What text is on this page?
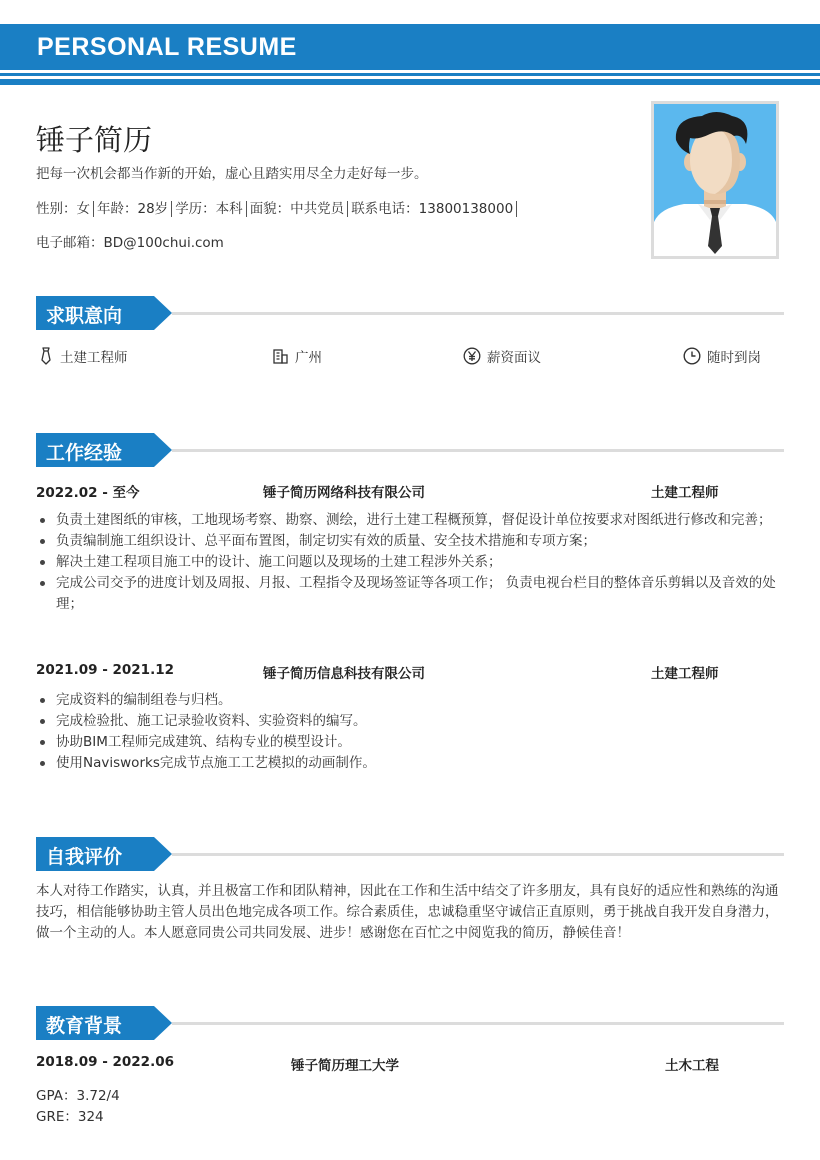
PERSONAL RESUME
锤子简历
把每一次机会都当作新的开始，虚心且踏实用尽全力走好每一步。
性别：女 年龄：28岁 学历：本科 面貌：中共党员 联系电话：13800138000
电子邮箱：BD@100chui.com
求职意向
土建工程师	广州	薪资面议	随时到岗
工作经验
2022.02 - 至今	锤子简历网络科技有限公司	土建工程师
负责土建图纸的审核，工地现场考察、勘察、测绘，进行土建工程概预算，督促设计单位按要求对图纸进行修改和完善；
负责编制施工组织设计、总平面布置图，制定切实有效的质量、安全技术措施和专项方案；
解决土建工程项目施工中的设计、施工问题以及现场的土建工程涉外关系；
完成公司交予的进度计划及周报、月报、工程指令及现场签证等各项工作； 负责电视台栏目的整体音乐剪辑以及音效的处理；
2021.09 - 2021.12	锤子简历信息科技有限公司	土建工程师
完成资料的编制组卷与归档。
完成检验批、施工记录验收资料、实验资料的编写。
协助BIM工程师完成建筑、结构专业的模型设计。
使用Navisworks完成节点施工工艺模拟的动画制作。
自我评价
本人对待工作踏实，认真，并且极富工作和团队精神，因此在工作和生活中结交了许多朋友，具有良好的适应性和熟练的沟通技巧，相信能够协助主管人员出色地完成各项工作。综合素质佳，忠诚稳重坚守诚信正直原则，勇于挑战自我开发自身潜力，做一个主动的人。本人愿意同贵公司共同发展、进步！感谢您在百忙之中阅览我的简历，静候佳音！
教育背景
2018.09 - 2022.06	锤子简历理工大学	土木工程
GPA：3.72/4
GRE：324
